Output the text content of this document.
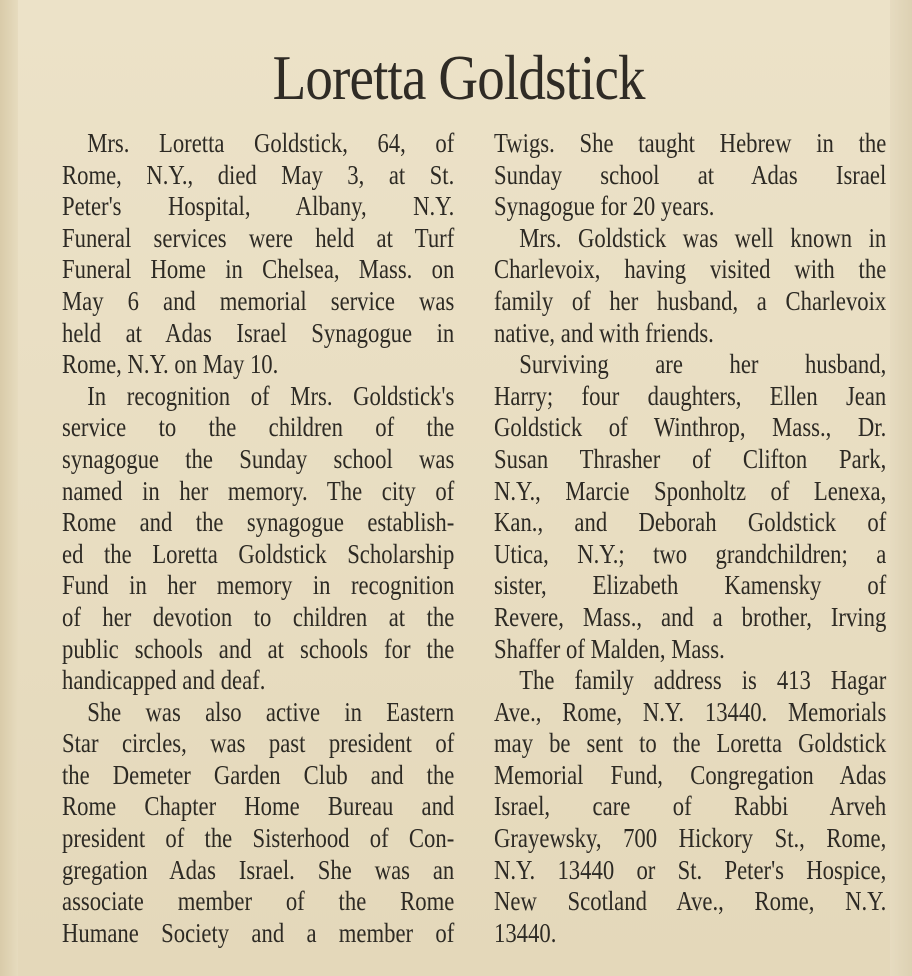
Loretta Goldstick
Mrs. Loretta Goldstick, 64, of
Rome, N.Y., died May 3, at St.
Peter's Hospital, Albany, N.Y.
Funeral services were held at Turf
Funeral Home in Chelsea, Mass. on
May 6 and memorial service was
held at Adas Israel Synagogue in
Rome, N.Y. on May 10.
In recognition of Mrs. Goldstick's
service to the children of the
synagogue the Sunday school was
named in her memory. The city of
Rome and the synagogue establish-
ed the Loretta Goldstick Scholarship
Fund in her memory in recognition
of her devotion to children at the
public schools and at schools for the
handicapped and deaf.
She was also active in Eastern
Star circles, was past president of
the Demeter Garden Club and the
Rome Chapter Home Bureau and
president of the Sisterhood of Con-
gregation Adas Israel. She was an
associate member of the Rome
Humane Society and a member of
Twigs. She taught Hebrew in the
Sunday school at Adas Israel
Synagogue for 20 years.
Mrs. Goldstick was well known in
Charlevoix, having visited with the
family of her husband, a Charlevoix
native, and with friends.
Surviving are her husband,
Harry; four daughters, Ellen Jean
Goldstick of Winthrop, Mass., Dr.
Susan Thrasher of Clifton Park,
N.Y., Marcie Sponholtz of Lenexa,
Kan., and Deborah Goldstick of
Utica, N.Y.; two grandchildren; a
sister, Elizabeth Kamensky of
Revere, Mass., and a brother, Irving
Shaffer of Malden, Mass.
The family address is 413 Hagar
Ave., Rome, N.Y. 13440. Memorials
may be sent to the Loretta Goldstick
Memorial Fund, Congregation Adas
Israel, care of Rabbi Arveh
Grayewsky, 700 Hickory St., Rome,
N.Y. 13440 or St. Peter's Hospice,
New Scotland Ave., Rome, N.Y.
13440.
